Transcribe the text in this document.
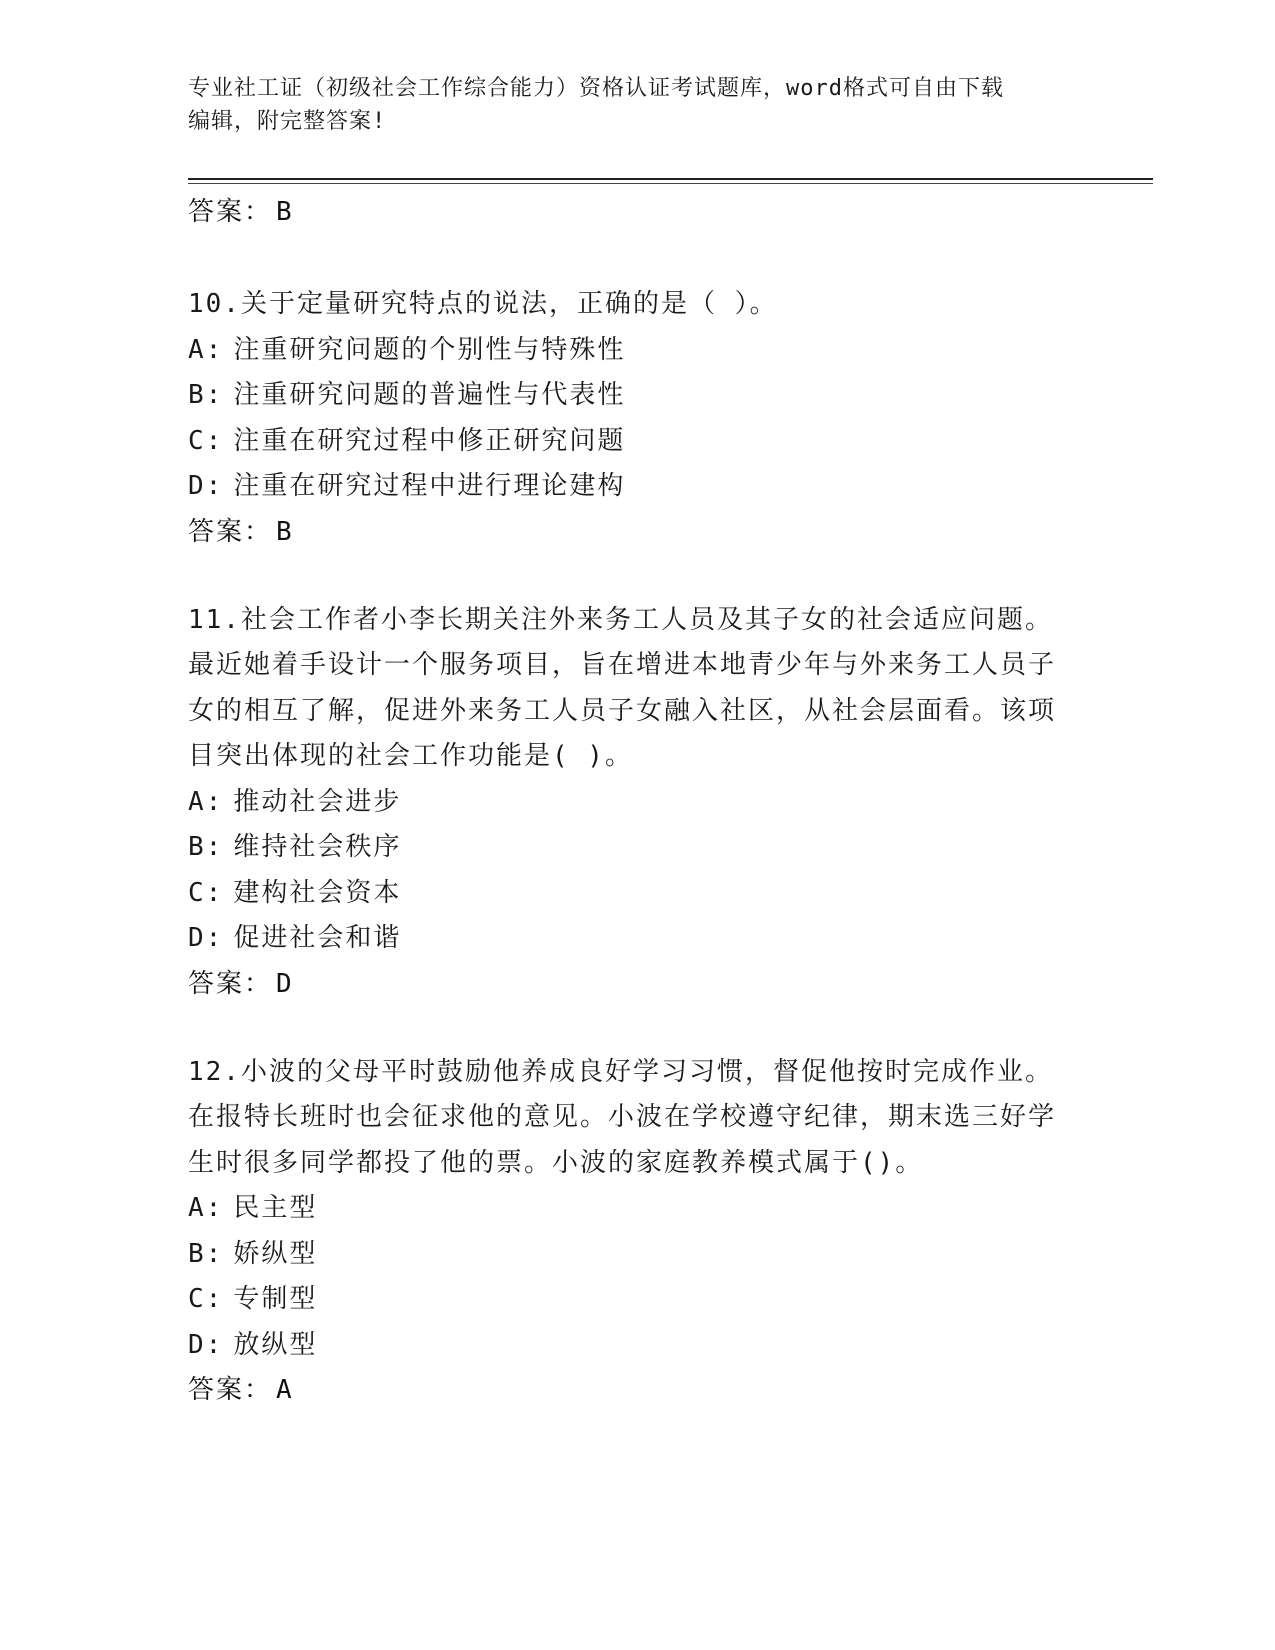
专业社工证（初级社会工作综合能力）资格认证考试题库，word格式可自由下载
编辑，附完整答案!
答案： B

10.关于定量研究特点的说法，正确的是（ ）。

A: 注重研究问题的个别性与特殊性
B: 注重研究问题的普遍性与代表性
C: 注重在研究过程中修正研究问题
D: 注重在研究过程中进行理论建构
答案： B

11.社会工作者小李长期关注外来务工人员及其子女的社会适应问题。最近她着手设计一个服务项目，旨在增进本地青少年与外来务工人员子女的相互了解，促进外来务工人员子女融入社区，从社会层面看。该项目突出体现的社会工作功能是( )。

A: 推动社会进步
B: 维持社会秩序
C: 建构社会资本
D: 促进社会和谐
答案： D

12.小波的父母平时鼓励他养成良好学习习惯，督促他按时完成作业。在报特长班时也会征求他的意见。小波在学校遵守纪律，期末选三好学生时很多同学都投了他的票。小波的家庭教养模式属于()。

A: 民主型
B: 娇纵型
C: 专制型
D: 放纵型
答案： A
